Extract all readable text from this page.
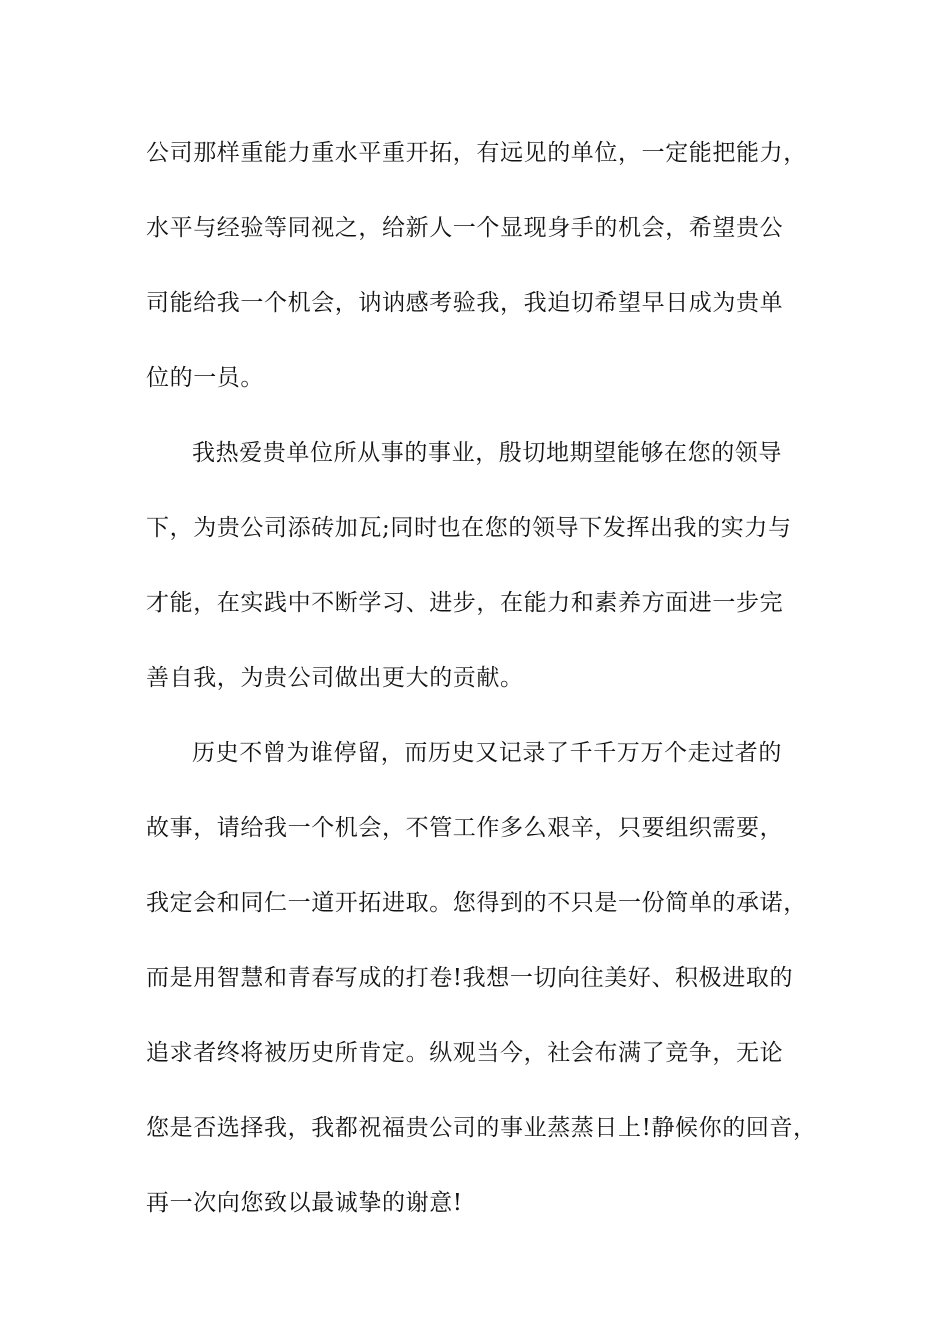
公司那样重能力重水平重开拓，有远见的单位，一定能把能力，
水平与经验等同视之，给新人一个显现身手的机会，希望贵公
司能给我一个机会，讷讷感考验我，我迫切希望早日成为贵单
位的一员。
我热爱贵单位所从事的事业，殷切地期望能够在您的领导
下，为贵公司添砖加瓦;同时也在您的领导下发挥出我的实力与
才能，在实践中不断学习、进步，在能力和素养方面进一步完
善自我，为贵公司做出更大的贡献。
历史不曾为谁停留，而历史又记录了千千万万个走过者的
故事，请给我一个机会，不管工作多么艰辛，只要组织需要，
我定会和同仁一道开拓进取。您得到的不只是一份简单的承诺，
而是用智慧和青春写成的打卷!我想一切向往美好、积极进取的
追求者终将被历史所肯定。纵观当今，社会布满了竞争，无论
您是否选择我，我都祝福贵公司的事业蒸蒸日上!静候你的回音，
再一次向您致以最诚挚的谢意!
